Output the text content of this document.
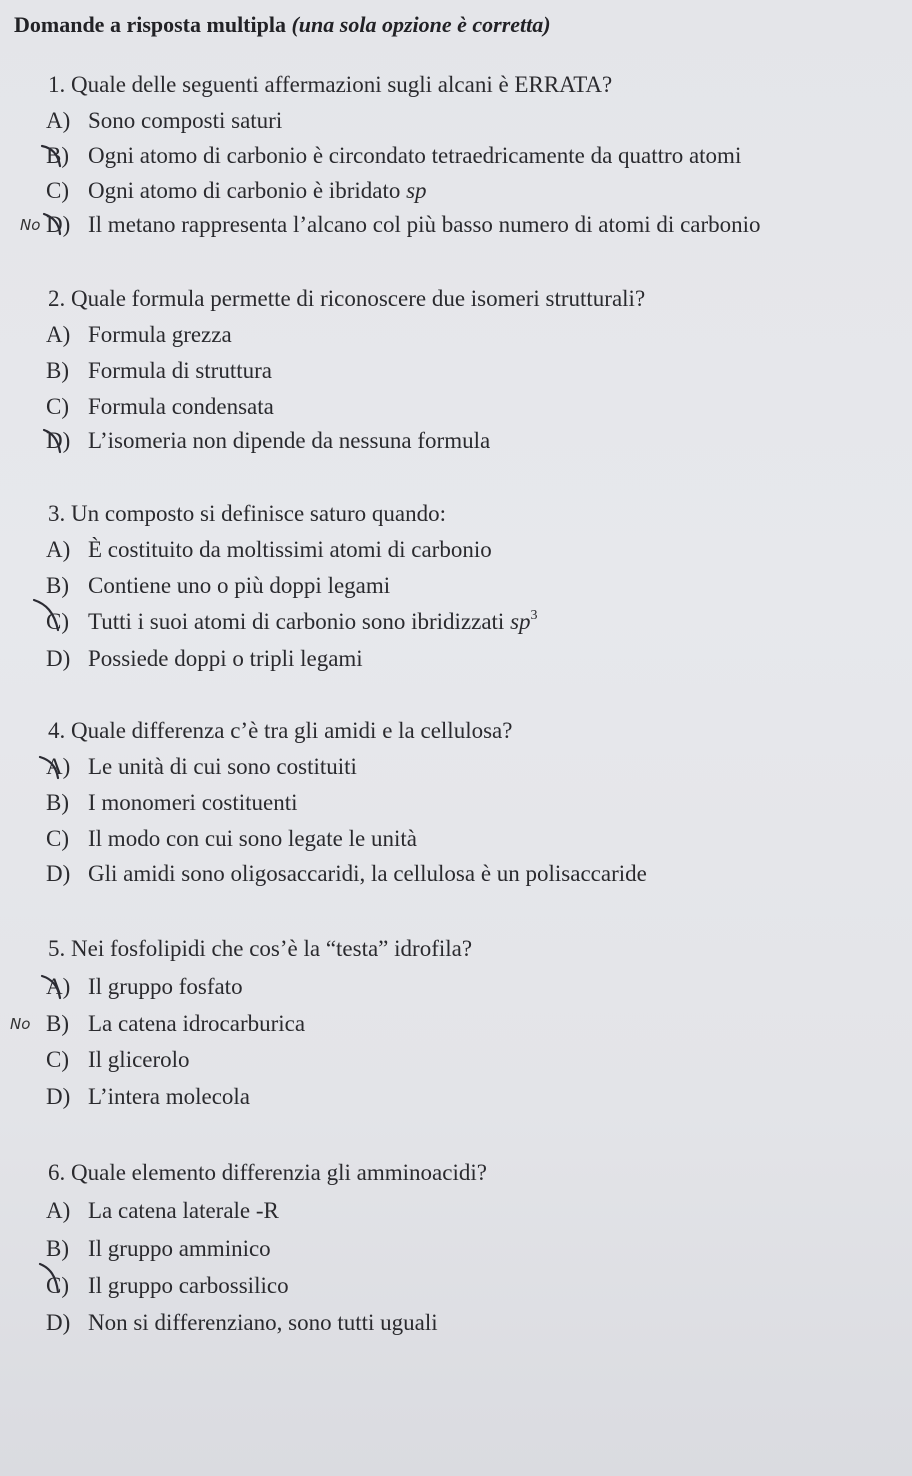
Domande a risposta multipla (una sola opzione è corretta)
1. Quale delle seguenti affermazioni sugli alcani è ERRATA?
A) Sono composti saturi
B) Ogni atomo di carbonio è circondato tetraedricamente da quattro atomi
C) Ogni atomo di carbonio è ibridato sp
D) Il metano rappresenta l’alcano col più basso numero di atomi di carbonio
2. Quale formula permette di riconoscere due isomeri strutturali?
A) Formula grezza
B) Formula di struttura
C) Formula condensata
D) L’isomeria non dipende da nessuna formula
3. Un composto si definisce saturo quando:
A) È costituito da moltissimi atomi di carbonio
B) Contiene uno o più doppi legami
C) Tutti i suoi atomi di carbonio sono ibridizzati $sp^3$
D) Possiede doppi o tripli legami
4. Quale differenza c’è tra gli amidi e la cellulosa?
A) Le unità di cui sono costituiti
B) I monomeri costituenti
C) Il modo con cui sono legate le unità
D) Gli amidi sono oligosaccaridi, la cellulosa è un polisaccaride
5. Nei fosfolipidi che cos’è la “testa” idrofila?
A) Il gruppo fosfato
B) La catena idrocarburica
C) Il glicerolo
D) L’intera molecola
6. Quale elemento differenzia gli amminoacidi?
A) La catena laterale -R
B) Il gruppo amminico
C) Il gruppo carbossilico
D) Non si differenziano, sono tutti uguali
No
No
